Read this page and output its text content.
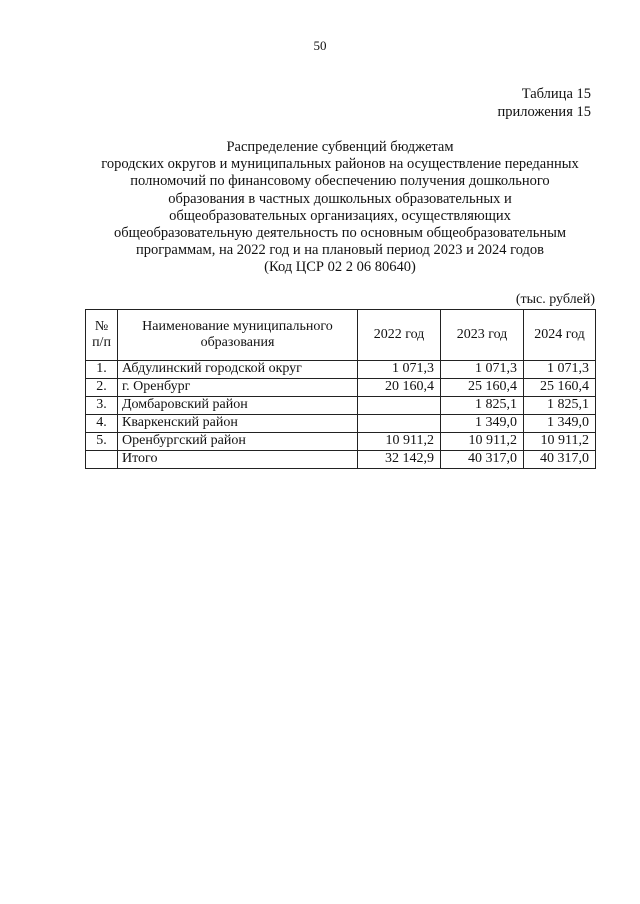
50
Таблица 15
приложения 15
Распределение субвенций бюджетам
городских округов и муниципальных районов на осуществление переданных
полномочий по финансовому обеспечению получения дошкольного
образования в частных дошкольных образовательных и
общеобразовательных организациях, осуществляющих
общеобразовательную деятельность по основным общеобразовательным
программам, на 2022 год и на плановый период 2023 и 2024 годов
(Код ЦСР 02 2 06 80640)
(тыс. рублей)
№ п/п	Наименование муниципального образования	2022 год	2023 год	2024 год
1.	Абдулинский городской округ	1 071,3	1 071,3	1 071,3
2.	г. Оренбург	20 160,4	25 160,4	25 160,4
3.	Домбаровский район		1 825,1	1 825,1
4.	Кваркенский район		1 349,0	1 349,0
5.	Оренбургский район	10 911,2	10 911,2	10 911,2
	Итого	32 142,9	40 317,0	40 317,0
